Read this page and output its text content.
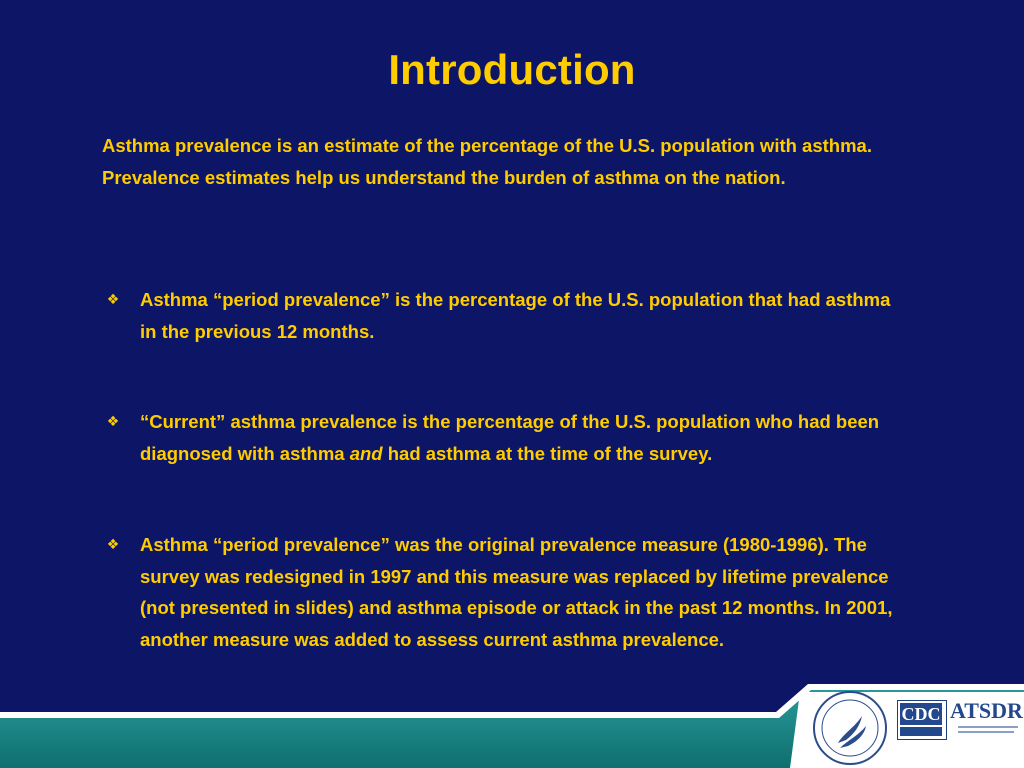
Introduction
Asthma prevalence is an estimate of the percentage of the U.S. population with asthma. Prevalence estimates help us understand the burden of asthma on the nation.
❖ Asthma “period prevalence” is the percentage of the U.S. population that had asthma in the previous 12 months.
❖ “Current” asthma prevalence is the percentage of the U.S. population who had been diagnosed with asthma and had asthma at the time of the survey.
❖ Asthma “period prevalence” was the original prevalence measure (1980-1996). The survey was redesigned in 1997 and this measure was replaced by lifetime prevalence (not presented in slides) and asthma episode or attack in the past 12 months. In 2001, another measure was added to assess current asthma prevalence.
CDC ATSDR
